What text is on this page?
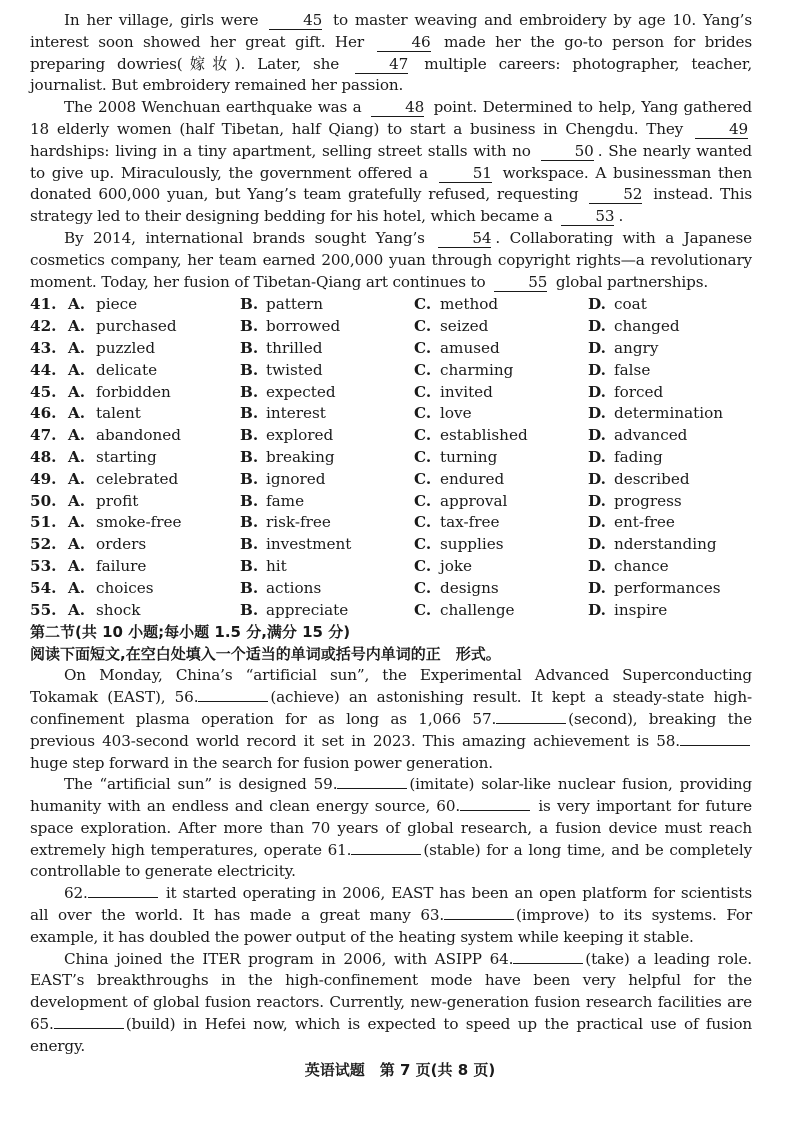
In her village, girls were	45 to master weaving and embroidery by age 10. Yang’s interest soon showed her great gift. Her	46 made her the go-to person for brides preparing dowries(嫁妆). Later, she	47 multiple careers: photographer, teacher, journalist. But embroidery remained her passion.

The 2008 Wenchuan earthquake was a	48 point. Determined to help, Yang gathered 18 elderly women (half Tibetan, half Qiang) to start a business in Chengdu. They	49 hardships: living in a tiny apartment, selling street stalls with no	50 . She nearly wanted to give up. Miraculously, the government offered a	51 workspace. A businessman then donated 600,000 yuan, but Yang’s team gratefully refused, requesting	52 instead. This strategy led to their designing bedding for his hotel, which became a	53 .

By 2014, international brands sought Yang’s	54 . Collaborating with a Japanese cosmetics company, her team earned 200,000 yuan through copyright rights—a revolutionary moment. Today, her fusion of Tibetan-Qiang art continues to	55 global partnerships.

41. A. piece	B. pattern	C. method	D. coat
42. A. purchased	B. borrowed	C. seized	D. changed
43. A. puzzled	B. thrilled	C. amused	D. angry
44. A. delicate	B. twisted	C. charming	D. false
45. A. forbidden	B. expected	C. invited	D. forced
46. A. talent	B. interest	C. love	D. determination
47. A. abandoned	B. explored	C. established	D. advanced
48. A. starting	B. breaking	C. turning	D. fading
49. A. celebrated	B. ignored	C. endured	D. described
50. A. profit	B. fame	C. approval	D. progress
51. A. smoke-free	B. risk-free	C. tax-free	D. ent-free
52. A. orders	B. investment	C. supplies	D. nderstanding
53. A. failure	B. hit	C. joke	D. chance
54. A. choices	B. actions	C. designs	D. performances
55. A. shock	B. appreciate	C. challenge	D. inspire

第二节(共 10 小题;每小题 1.5 分,满分 15 分)

阅读下面短文,在空白处填入一个适当的单词或括号内单词的正　形式。

On Monday, China’s “artificial sun”, the Experimental Advanced Superconducting Tokamak (EAST), 56.	(achieve) an astonishing result. It kept a steady-state high-confinement plasma operation for as long as 1,066 57.	(second), breaking the previous 403-second world record it set in 2023. This amazing achievement is 58. huge step forward in the search for fusion power generation.

The “artificial sun” is designed 59.	(imitate) solar-like nuclear fusion, providing humanity with an endless and clean energy source, 60.	is very important for future space exploration. After more than 70 years of global research, a fusion device must reach extremely high temperatures, operate 61.	(stable) for a long time, and be completely controllable to generate electricity.

62.	it started operating in 2006, EAST has been an open platform for scientists all over the world. It has made a great many 63.	(improve) to its systems. For example, it has doubled the power output of the heating system while keeping it stable.

China joined the ITER program in 2006, with ASIPP 64.	(take) a leading role. EAST’s breakthroughs in the high-confinement mode have been very helpful for the development of global fusion reactors. Currently, new-generation fusion research facilities are 65.	(build) in Hefei now, which is expected to speed up the practical use of fusion energy.

英语试题　第 7 页(共 8 页)
